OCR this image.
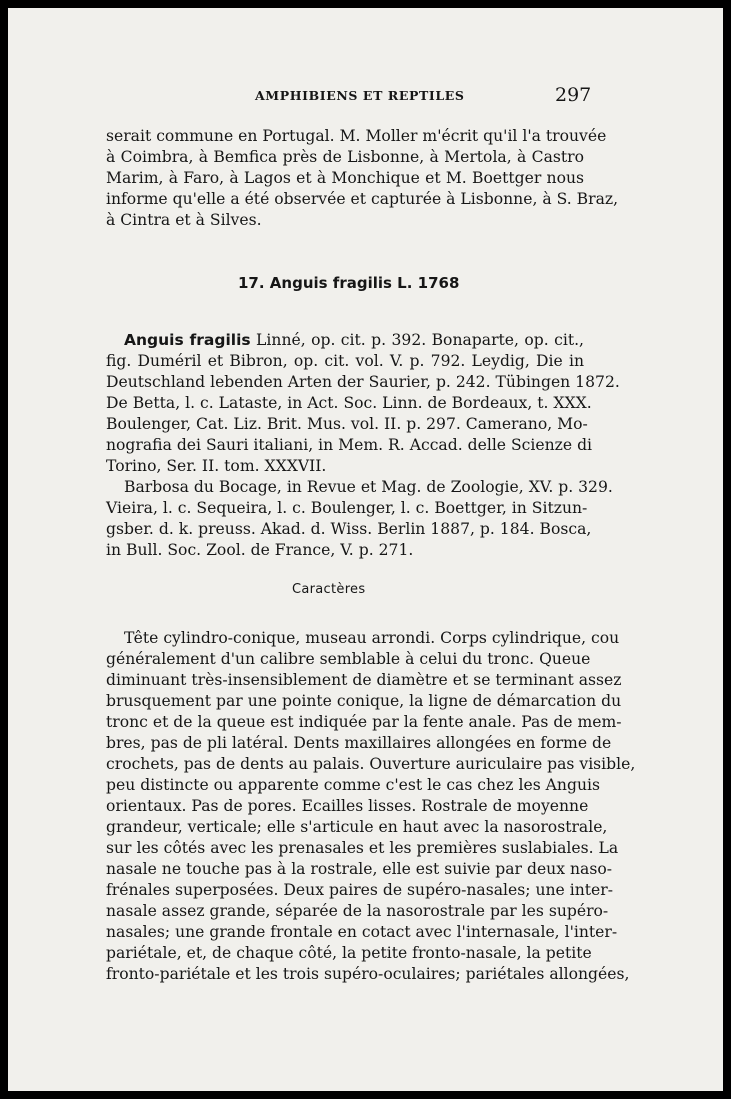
AMPHIBIENS ET REPTILES	297
serait commune en Portugal. M. Moller m'écrit qu'il l'a trouvée
à Coimbra, à Bemfica près de Lisbonne, à Mertola, à Castro
Marim, à Faro, à Lagos et à Monchique et M. Boettger nous
informe qu'elle a été observée et capturée à Lisbonne, à S. Braz,
à Cintra et à Silves.
17. Anguis fragilis L. 1768
Anguis fragilis Linné, op. cit. p. 392. Bonaparte, op. cit.,
fig. Duméril et Bibron, op. cit. vol. V. p. 792. Leydig, Die in
Deutschland lebenden Arten der Saurier, p. 242. Tübingen 1872.
De Betta, l. c. Lataste, in Act. Soc. Linn. de Bordeaux, t. XXX.
Boulenger, Cat. Liz. Brit. Mus. vol. II. p. 297. Camerano, Mo-
nografia dei Sauri italiani, in Mem. R. Accad. delle Scienze di
Torino, Ser. II. tom. XXXVII.
Barbosa du Bocage, in Revue et Mag. de Zoologie, XV. p. 329.
Vieira, l. c. Sequeira, l. c. Boulenger, l. c. Boettger, in Sitzun-
gsber. d. k. preuss. Akad. d. Wiss. Berlin 1887, p. 184. Bosca,
in Bull. Soc. Zool. de France, V. p. 271.
Caractères
Tête cylindro-conique, museau arrondi. Corps cylindrique, cou
généralement d'un calibre semblable à celui du tronc. Queue
diminuant très-insensiblement de diamètre et se terminant assez
brusquement par une pointe conique, la ligne de démarcation du
tronc et de la queue est indiquée par la fente anale. Pas de mem-
bres, pas de pli latéral. Dents maxillaires allongées en forme de
crochets, pas de dents au palais. Ouverture auriculaire pas visible,
peu distincte ou apparente comme c'est le cas chez les Anguis
orientaux. Pas de pores. Ecailles lisses. Rostrale de moyenne
grandeur, verticale; elle s'articule en haut avec la nasorostrale,
sur les côtés avec les prenasales et les premières suslabiales. La
nasale ne touche pas à la rostrale, elle est suivie par deux naso-
frénales superposées. Deux paires de supéro-nasales; une inter-
nasale assez grande, séparée de la nasorostrale par les supéro-
nasales; une grande frontale en cotact avec l'internasale, l'inter-
pariétale, et, de chaque côté, la petite fronto-nasale, la petite
fronto-pariétale et les trois supéro-oculaires; pariétales allongées,
